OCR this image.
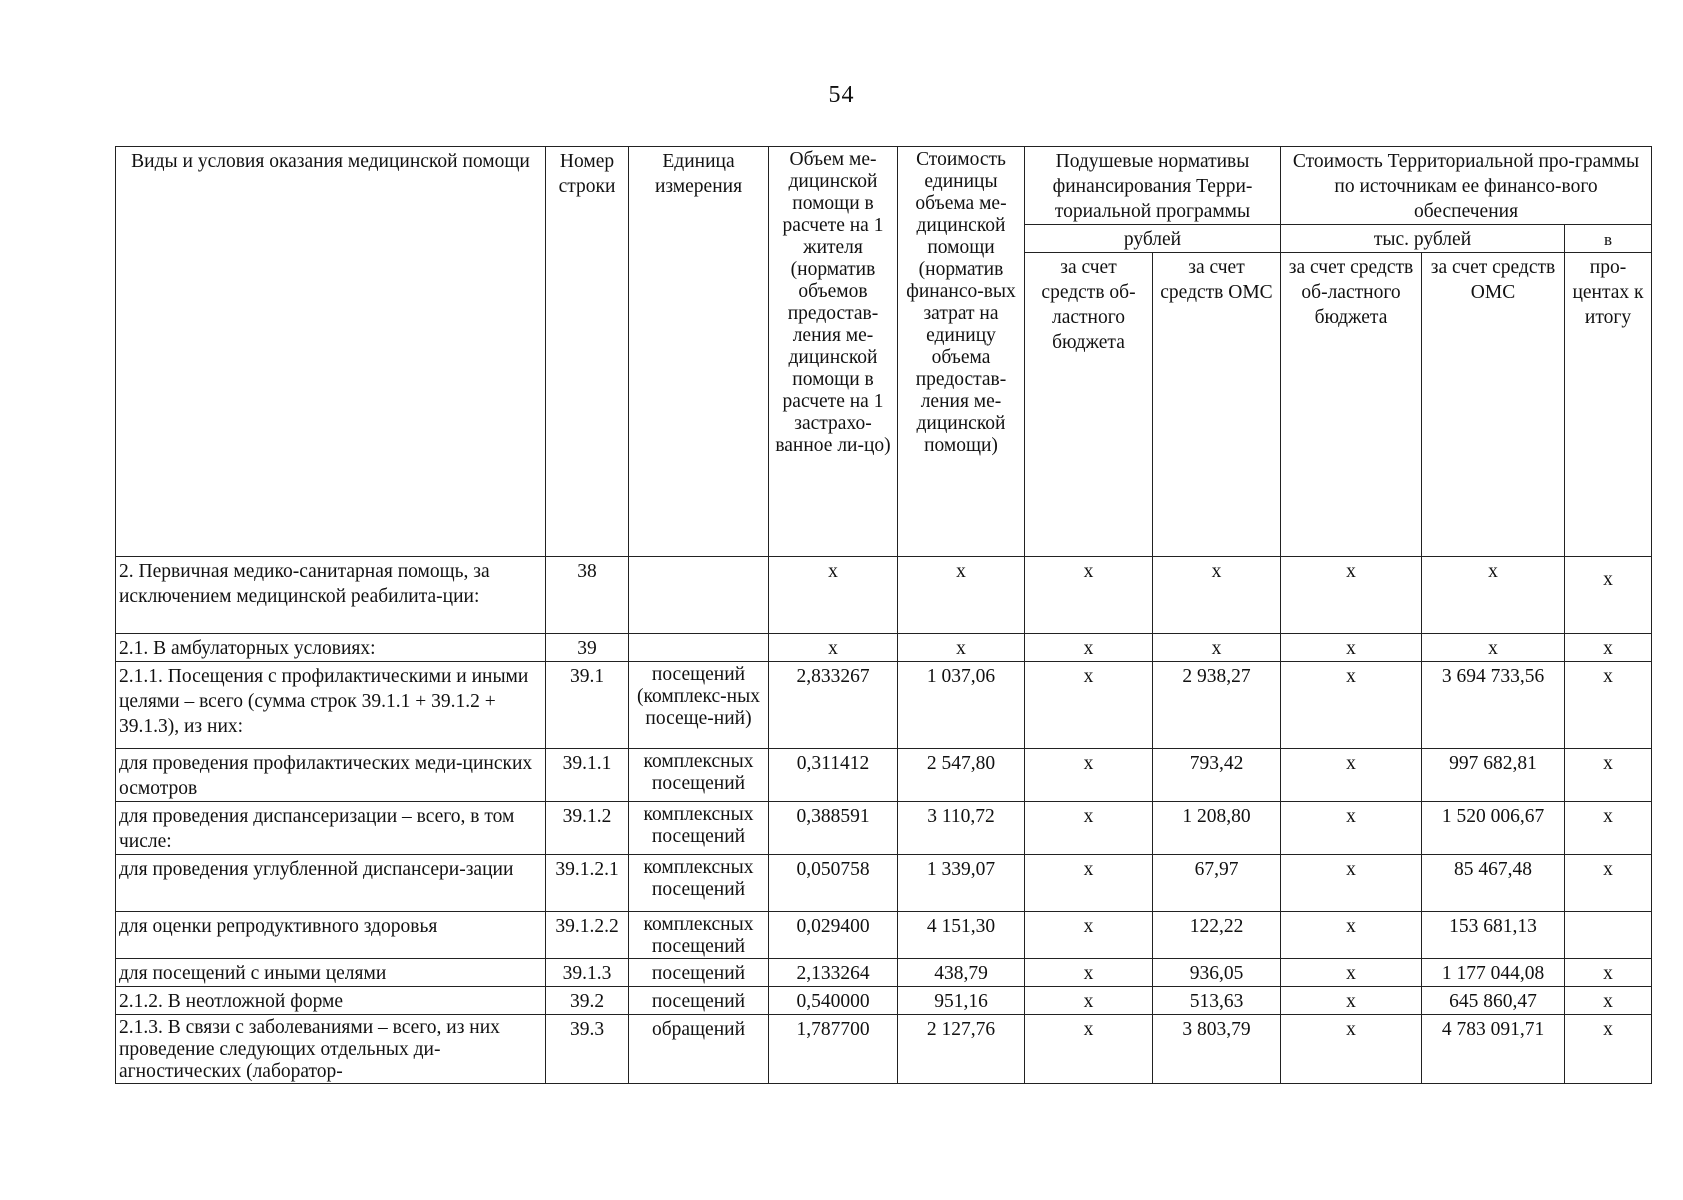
54
Виды и условия оказания медицинской помощи	Номер строки	Единица измерения	Объем ме-дицинской помощи в расчете на 1 жителя (норматив объемов предостав-ления ме-дицинской помощи в расчете на 1 застрахо-ванное ли-цо)	Стоимость единицы объема ме-дицинской помощи (норматив финансо-вых затрат на единицу объема предостав-ления ме-дицинской помощи)	Подушевые нормативы финансирования Терри-ториальной программы		Стоимость Территориальной про-граммы по источникам ее финансо-вого обеспечения		
					рублей		тыс. рублей		в
					за счет средств об-ластного бюджета	за счет средств ОМС	за счет средств об-ластного бюджета	за счет средств ОМС	про-центах к итогу
2. Первичная медико-санитарная помощь, за исключением медицинской реабилита-ции:	38		х	х	х	х	х	х	х
2.1. В амбулаторных условиях:	39		х	х	х	х	х	х	х
2.1.1. Посещения с профилактическими и иными целями – всего (сумма строк 39.1.1 + 39.1.2 + 39.1.3), из них:	39.1	посещений (комплекс-ных посеще-ний)	2,833267	1 037,06	х	2 938,27	х	3 694 733,56	х
для проведения профилактических меди-цинских осмотров	39.1.1	комплексных посещений	0,311412	2 547,80	х	793,42	х	997 682,81	х
для проведения диспансеризации – всего, в том числе:	39.1.2	комплексных посещений	0,388591	3 110,72	х	1 208,80	х	1 520 006,67	х
для проведения углубленной диспансери-зации	39.1.2.1	комплексных посещений	0,050758	1 339,07	х	67,97	х	85 467,48	х
для оценки репродуктивного здоровья	39.1.2.2	комплексных посещений	0,029400	4 151,30	х	122,22	х	153 681,13	
для посещений с иными целями	39.1.3	посещений	2,133264	438,79	х	936,05	х	1 177 044,08	х
2.1.2. В неотложной форме	39.2	посещений	0,540000	951,16	х	513,63	х	645 860,47	х
2.1.3. В связи с заболеваниями – всего, из них проведение следующих отдельных ди-агностических (лаборатор-	39.3	обращений	1,787700	2 127,76	х	3 803,79	х	4 783 091,71	х
